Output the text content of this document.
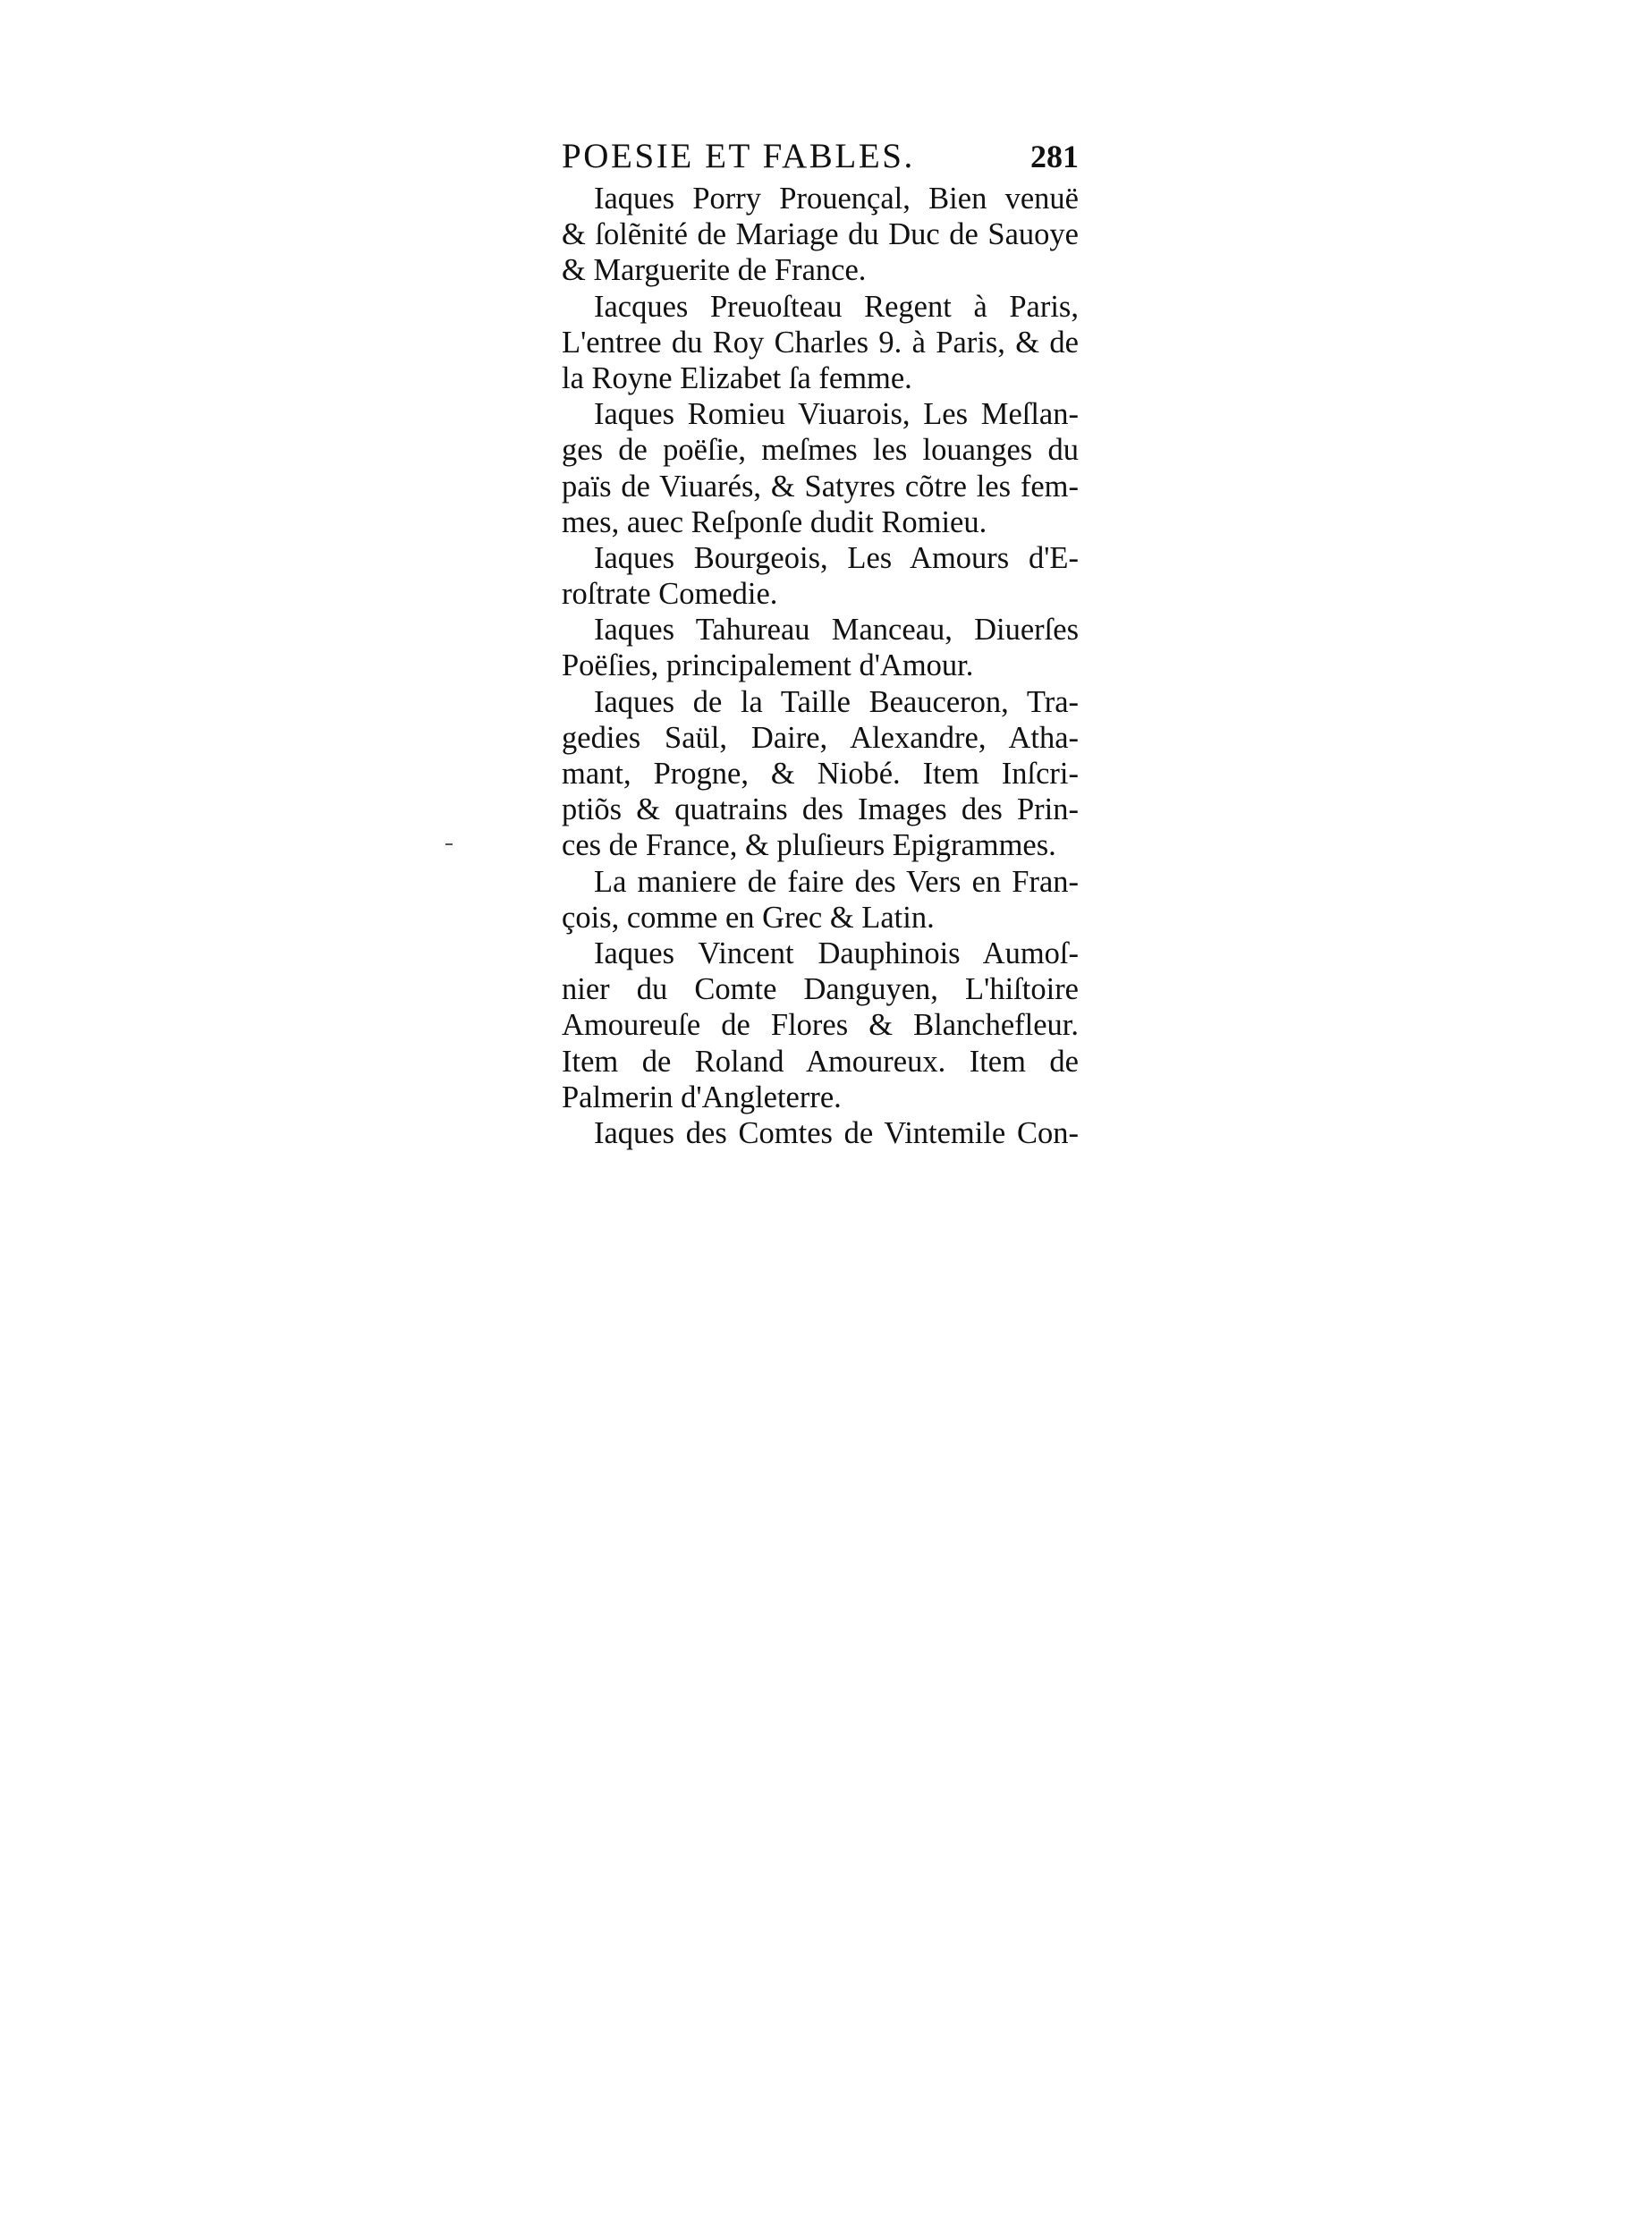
POESIE ET FABLES.	281
Iaques Porry Prouençal, Bien venuë
& ſolẽnité de Mariage du Duc de Sauoye
& Marguerite de France.
Iacques Preuoſteau Regent à Paris,
L'entree du Roy Charles 9. à Paris, & de
la Royne Elizabet ſa femme.
Iaques Romieu Viuarois, Les Meſlan-
ges de poëſie, meſmes les louanges du
païs de Viuarés, & Satyres cõtre les fem-
mes, auec Reſponſe dudit Romieu.
Iaques Bourgeois, Les Amours d'E-
roſtrate Comedie.
Iaques Tahureau Manceau, Diuerſes
Poëſies, principalement d'Amour.
Iaques de la Taille Beauceron, Tra-
gedies Saül, Daire, Alexandre, Atha-
mant, Progne, & Niobé. Item Inſcri-
ptiõs & quatrains des Images des Prin-
ces de France, & pluſieurs Epigrammes.
La maniere de faire des Vers en Fran-
çois, comme en Grec & Latin.
Iaques Vincent Dauphinois Aumoſ-
nier du Comte Danguyen, L'hiſtoire
Amoureuſe de Flores & Blanchefleur.
Item de Roland Amoureux. Item de
Palmerin d'Angleterre.
Iaques des Comtes de Vintemile Con-
